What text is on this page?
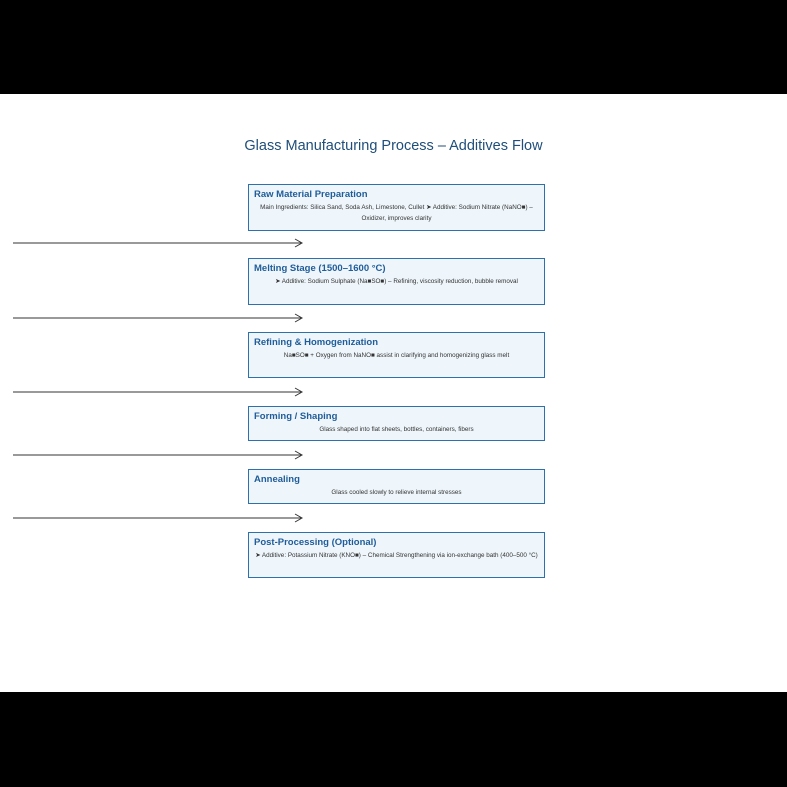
Glass Manufacturing Process – Additives Flow
Raw Material Preparation
Main Ingredients: Silica Sand, Soda Ash, Limestone, Cullet ➤ Additive: Sodium Nitrate (NaNO■) – Oxidizer, improves clarity
Melting Stage (1500–1600 °C)
➤ Additive: Sodium Sulphate (Na■SO■) – Refining, viscosity reduction, bubble removal
Refining & Homogenization
Na■SO■ + Oxygen from NaNO■ assist in clarifying and homogenizing glass melt
Forming / Shaping
Glass shaped into flat sheets, bottles, containers, fibers
Annealing
Glass cooled slowly to relieve internal stresses
Post-Processing (Optional)
➤ Additive: Potassium Nitrate (KNO■) – Chemical Strengthening via ion-exchange bath (400–500 °C)
